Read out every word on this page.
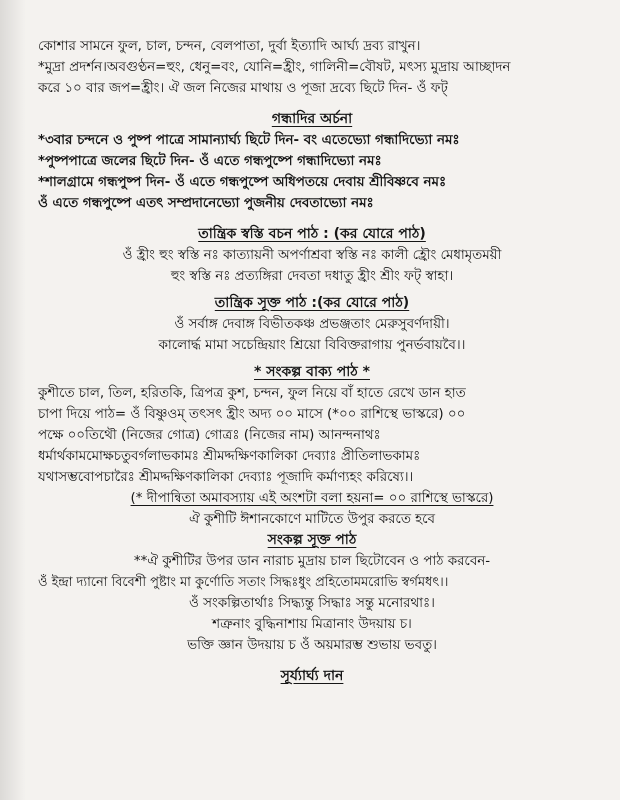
কোশার সামনে ফুল, চাল, চন্দন, বেলপাতা, দুর্বা ইত্যাদি আর্ঘ্য দ্রব্য রাখুন।

*মুদ্রা প্রদর্শন।অবগুণ্ঠন=হুং, ধেনু=বং, যোনি=হ্রীং, গালিনী=বৌষট, মৎস্য মুদ্রায় আচ্ছাদন

করে ১০ বার জপ=হ্রীং। ঐ জল নিজের মাথায় ও পূজা দ্রব্যে ছিটে দিন- ওঁ ফট্

গন্ধাদির অর্চনা

*৩বার চন্দনে ও পুষ্প পাত্রে সামান্যার্ঘ্য ছিটে দিন- বং এতেভ্যো গন্ধাদিভ্যো নমঃ

*পুষ্পপাত্রে জলের ছিটে দিন- ওঁ এতে গন্ধপুষ্পে গন্ধাদিভ্যো নমঃ

*শালগ্রামে গন্ধপুষ্প দিন- ওঁ এতে গন্ধপুষ্পে অধিপতয়ে দেবায় শ্রীবিষ্ণবে নমঃ

ওঁ এতে গন্ধপুষ্পে এতৎ সম্প্রদানেভ্যো পুজনীয় দেবতাভ্যো নমঃ

তান্ত্রিক স্বস্তি বচন পাঠ : (কর যোরে পাঠ)

ওঁ হ্রীং হুং স্বস্তি নঃ কাত্যায়নী অপর্ণাশ্রবা স্বস্তি নঃ কালী হ্রৌং মেধামৃতময়ী

হুং স্বস্তি নঃ প্রত্যঙ্গিরা দেবতা দধাতু হ্রীং শ্রীং ফট্ স্বাহা।

তান্ত্রিক সূক্ত পাঠ :(কর যোরে পাঠ)

ওঁ সর্বাঙ্গ দেবাঙ্গ বিভীতকঞ্চ প্রভঞ্জতাং মেরুসুবর্ণদায়ী।

কালোর্দ্ধ মামা সচেন্দ্রিয়াং শ্রিয়ো বিবিক্তরাগায় পুনর্ভবায়বৈ।।

* সংকল্প বাক্য পাঠ *

কুশীতে চাল, তিল, হরিতকি, ত্রিপত্র কুশ, চন্দন, ফুল নিয়ে বাঁ হাতে রেখে ডান হাত

চাপা দিয়ে পাঠ= ওঁ বিষ্ণুওম্ তৎসৎ হ্রীং অদ্য ০০ মাসে (*০০ রাশিস্থে ভাস্করে) ০০

পক্ষে ০০তিথৌ (নিজের গোত্র) গোত্রঃ (নিজের নাম) আনন্দনাথঃ

ধর্মার্থকামমোক্ষচতুবর্গলাভকামঃ শ্রীমদ্দক্ষিণকালিকা দেব্যাঃ প্রীতিলাভকামঃ

যথাসম্ভবোপচারৈঃ শ্রীমদ্দক্ষিণকালিকা দেব্যাঃ পূজাদি কর্মাণ্যহং করিষ্যে।।

(* দীপান্বিতা অমাবস্যায় এই অংশটা বলা হয়না= ০০ রাশিস্থে ভাস্করে)

ঐ কুশীটি ঈশানকোণে মাটিতে উপুর করতে হবে

সংকল্প সূক্ত পাঠ

**ঐ কুশীটির উপর ডান নারাচ মুদ্রায় চাল ছিটোবেন ও পাঠ করবেন-

ওঁ ইন্দ্রা দ্যানো বিবেশী পুষ্টাং মা কুর্ণোতি সতাং সিদ্ধঃধুং প্রহিতোমমরোভি স্বর্গমধৎ।।

ওঁ সংকল্পিতার্থাঃ সিদ্ধ্যন্তু সিদ্ধাঃ সন্তু মনোরথাঃ।

শত্রুনাং বুদ্ধিনাশায় মিত্রানাং উদয়ায় চ।

ভক্তি জ্ঞান উদয়ায় চ ওঁ অয়মারম্ভ শুভায় ভবতু।

সূর্য্যার্ঘ্য দান
